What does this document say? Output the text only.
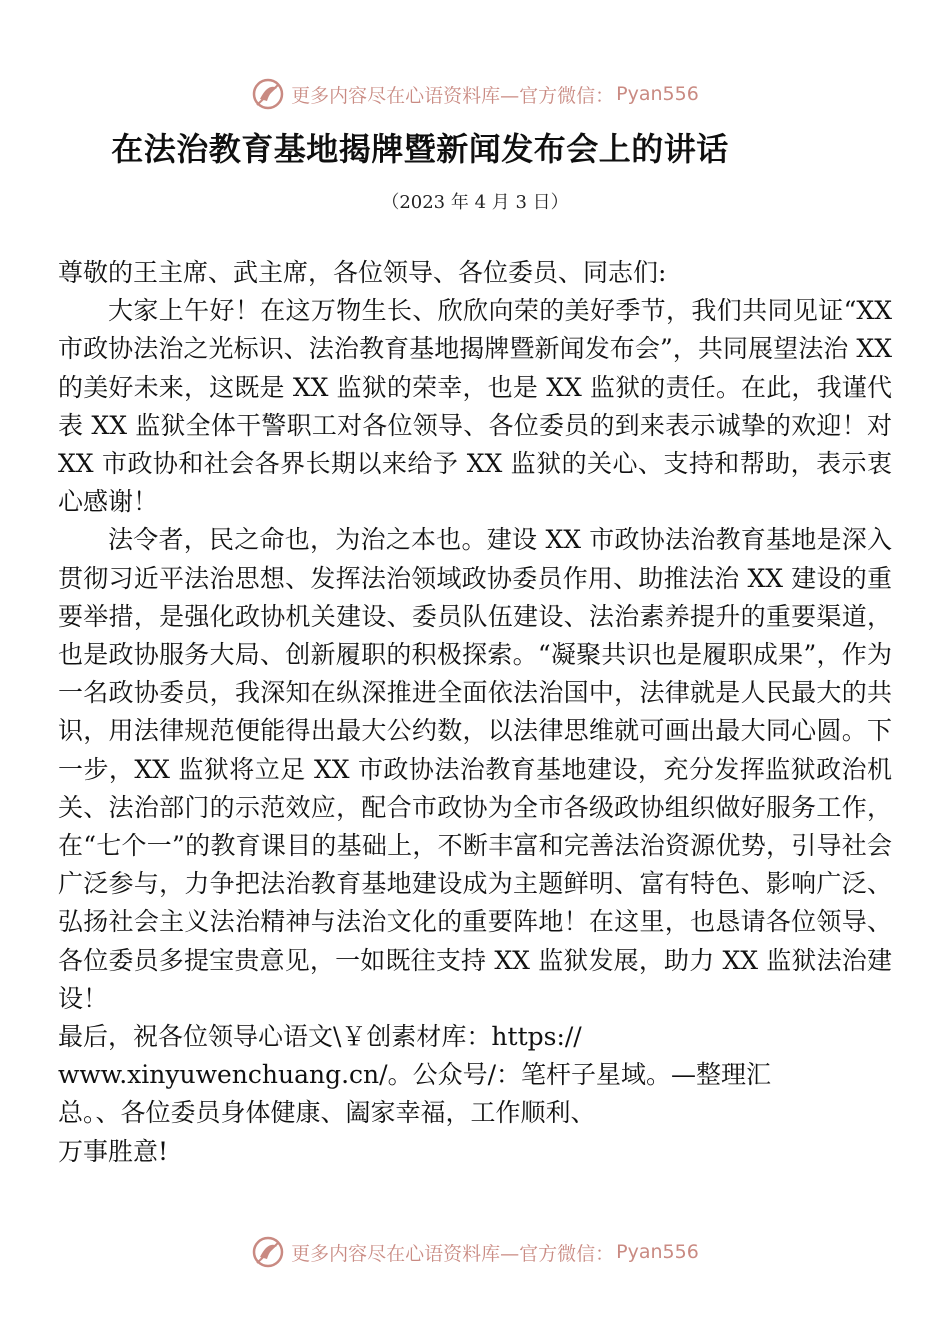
更多内容尽在心语资料库—官方微信： Pyan556
在法治教育基地揭牌暨新闻发布会上的讲话
（2023 年 4 月 3 日）

尊敬的王主席、武主席，各位领导、各位委员、同志们:

大家上午好！在这万物生长、欣欣向荣的美好季节，我们共同见证“XX 市政协法治之光标识、法治教育基地揭牌暨新闻发布会”，共同展望法治 XX 的美好未来，这既是 XX 监狱的荣幸，也是 XX 监狱的责任。在此，我谨代表 XX 监狱全体干警职工对各位领导、各位委员的到来表示诚挚的欢迎！对 XX 市政协和社会各界长期以来给予 XX 监狱的关心、支持和帮助，表示衷心感谢！

法令者，民之命也，为治之本也。建设 XX 市政协法治教育基地是深入贯彻习近平法治思想、发挥法治领域政协委员作用、助推法治 XX 建设的重要举措，是强化政协机关建设、委员队伍建设、法治素养提升的重要渠道，也是政协服务大局、创新履职的积极探索。“凝聚共识也是履职成果”，作为一名政协委员，我深知在纵深推进全面依法治国中，法律就是人民最大的共识，用法律规范便能得出最大公约数，以法律思维就可画出最大同心圆。下一步，XX 监狱将立足 XX 市政协法治教育基地建设，充分发挥监狱政治机关、法治部门的示范效应，配合市政协为全市各级政协组织做好服务工作，在“七个一”的教育课目的基础上，不断丰富和完善法治资源优势，引导社会广泛参与，力争把法治教育基地建设成为主题鲜明、富有特色、影响广泛、弘扬社会主义法治精神与法治文化的重要阵地！在这里，也恳请各位领导、各位委员多提宝贵意见，一如既往支持 XX 监狱发展，助力 XX 监狱法治建设！

最后，祝各位领导心语文\￥创素材库：https://

www.xinyuwenchuang.cn/。公众号/：笔杆子星域。—整理汇

总。、各位委员身体健康、阖家幸福，工作顺利、

万事胜意!

更多内容尽在心语资料库—官方微信： Pyan556
